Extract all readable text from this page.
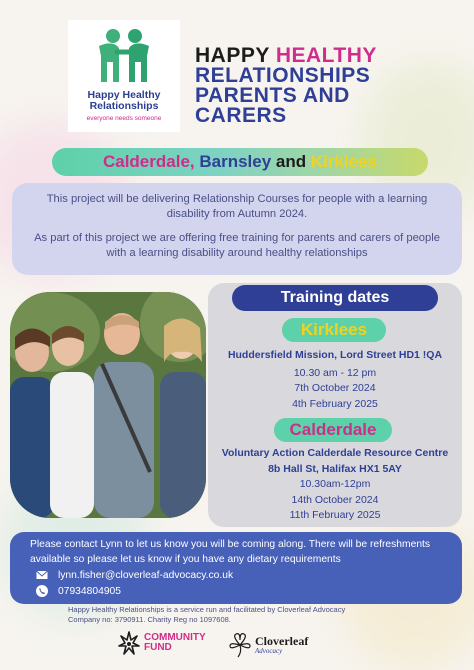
Happy Healthy Relationships
everyone needs someone
HAPPY HEALTHY
RELATIONSHIPS
PARENTS AND
CARERS
Calderdale, Barnsley and Kirklees

This project will be delivering Relationship Courses for people with a learning disability from Autumn 2024.

As part of this project we are offering free training for parents and carers of people with a learning disability around healthy relationships

Training dates
Kirklees
Huddersfield Mission, Lord Street HD1 !QA
10.30 am - 12 pm
7th October 2024
4th February 2025
Calderdale
Voluntary Action Calderdale Resource Centre
8b Hall St, Halifax HX1 5AY
10.30am-12pm
14th October 2024
11th February 2025
Please contact Lynn to let us know you will be coming along. There will be refreshments available so please let us know if you have any dietary requirements
lynn.fisher@cloverleaf-advocacy.co.uk
07934804905
Happy Healthy Relationships is a service run and facilitated by Cloverleaf Advocacy
Company no: 3790911. Charity Reg no 1097608.
COMMUNITY
FUND	Cloverleaf
Advocacy
